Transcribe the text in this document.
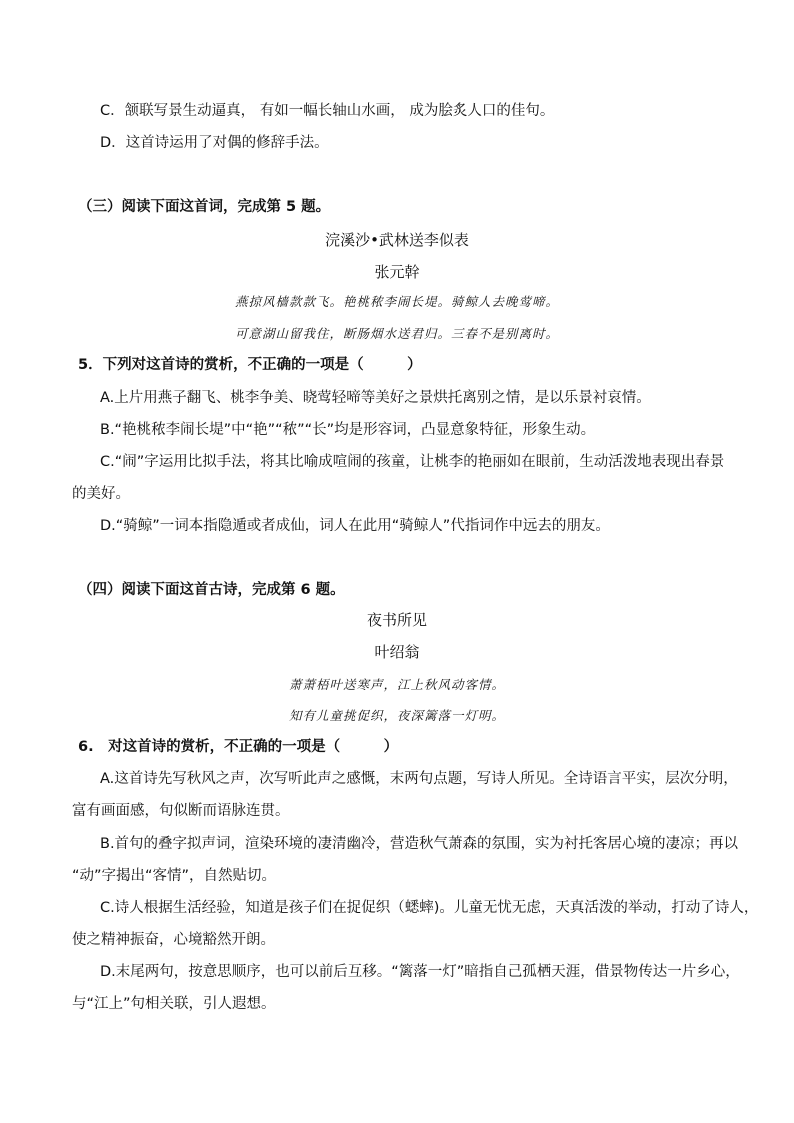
C．颔联写景生动逼真， 有如一幅长轴山水画， 成为脍炙人口的佳句。
D．这首诗运用了对偶的修辞手法。
（三）阅读下面这首词，完成第 5 题。
浣溪沙•武林送李似表
张元幹
燕掠风樯款款飞。艳桃秾李闹长堤。骑鲸人去晚莺啼。
可意湖山留我住，断肠烟水送君归。三春不是别离时。
5．下列对这首诗的赏析，不正确的一项是（　　　）
A.上片用燕子翻飞、桃李争美、晓莺轻啼等美好之景烘托离别之情，是以乐景衬哀情。
B.“艳桃秾李闹长堤”中“艳”“秾”“长”均是形容词，凸显意象特征，形象生动。
C.“闹”字运用比拟手法，将其比喻成喧闹的孩童，让桃李的艳丽如在眼前，生动活泼地表现出春景
的美好。
D.“骑鲸”一词本指隐遁或者成仙，词人在此用“骑鲸人”代指词作中远去的朋友。
（四）阅读下面这首古诗，完成第 6 题。
夜书所见
叶绍翁
萧萧梧叶送寒声，江上秋风动客情。
知有儿童挑促织，夜深篱落一灯明。
6.　对这首诗的赏析，不正确的一项是（　　　）
A.这首诗先写秋风之声，次写听此声之感慨，末两句点题，写诗人所见。全诗语言平实，层次分明，
富有画面感，句似断而语脉连贯。
B.首句的叠字拟声词，渲染环境的凄清幽冷，营造秋气萧森的氛围，实为衬托客居心境的凄凉；再以
“动”字揭出“客情”，自然贴切。
C.诗人根据生活经验，知道是孩子们在捉促织（蟋蟀)。儿童无忧无虑，天真活泼的举动，打动了诗人，
使之精神振奋，心境豁然开朗。
D.末尾两句，按意思顺序，也可以前后互移。“篱落一灯”暗指自己孤栖天涯，借景物传达一片乡心，
与“江上”句相关联，引人遐想。
